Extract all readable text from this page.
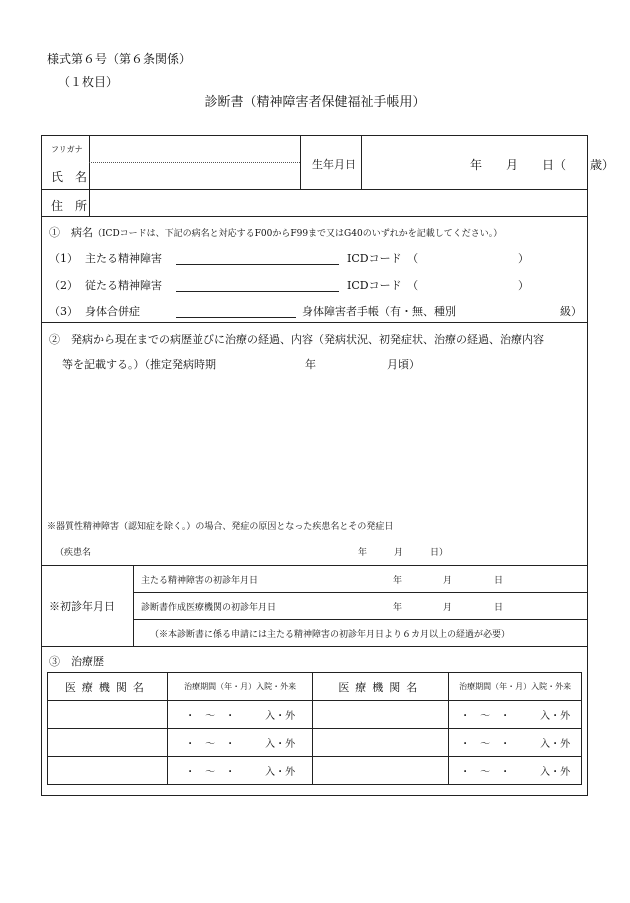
様式第６号（第６条関係）
（１枚目）
診断書（精神障害者保健福祉手帳用）
フリガナ
氏　名
生年月日	年　　月　　日（　　歳）
住　所
①　病名 （ICDコードは、下記の病名と対応するF00からF99まで又はG40のいずれかを記載してください。）
（1） 主たる精神障害	ICDコード　（	）
（2） 従たる精神障害	ICDコード　（	）
（3） 身体合併症	身体障害者手帳（有・無、種別	級）
②　発病から現在までの病歴並びに治療の経過、内容（発病状況、初発症状、治療の経過、治療内容
等を記載する。）（推定発病時期	年	月頃）
※器質性精神障害（認知症を除く。）の場合、発症の原因となった疾患名とその発症日
（疾患名	年　　　月　　　日）
※初診年月日
主たる精神障害の初診年月日	年	月	日
診断書作成医療機関の初診年月日	年	月	日
（※本診断書に係る申請には主たる精神障害の初診年月日より６カ月以上の経過が必要）
③　治療歴
医療機関名	治療期間（年・月）入院・外来	医療機関名	治療期間（年・月）入院・外来
	・　～　・　　　 入・外		・　～　・　　　 入・外
	・　～　・　　　 入・外		・　～　・　　　 入・外
	・　～　・　　　 入・外		・　～　・　　　 入・外
